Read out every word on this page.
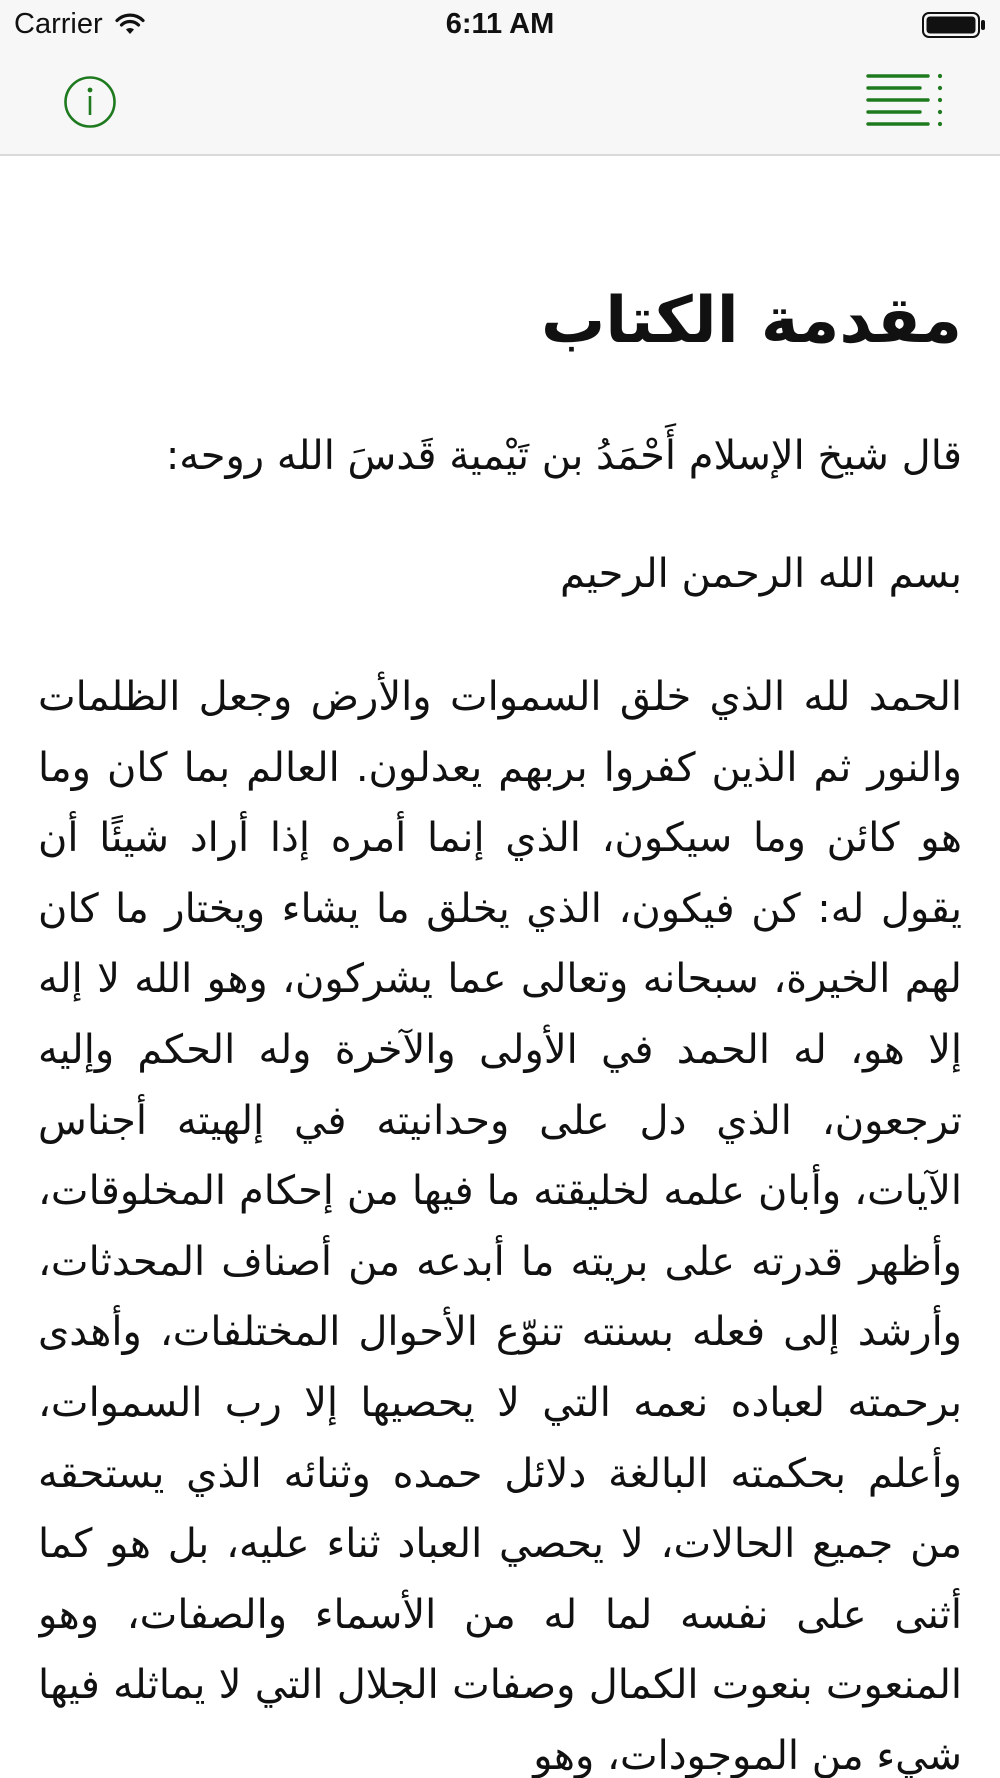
Carrier	6:11 AM
مقدمة الكتاب

قال شيخ الإسلام أَحْمَدُ بن تَيْمية قَدسَ الله روحه:

بسم الله الرحمن الرحيم

الحمد لله الذي خلق السموات والأرض وجعل الظلمات والنور ثم الذين كفروا بربهم يعدلون. العالم بما كان وما هو كائن وما سيكون، الذي إنما أمره إذا أراد شيئًا أن يقول له: كن فيكون، الذي يخلق ما يشاء ويختار ما كان لهم الخيرة، سبحانه وتعالى عما يشركون، وهو الله لا إله إلا هو، له الحمد في الأولى والآخرة وله الحكم وإليه ترجعون، الذي دل على وحدانيته في إلهيته أجناس الآيات، وأبان علمه لخليقته ما فيها من إحكام المخلوقات، وأظهر قدرته على بريته ما أبدعه من أصناف المحدثات، وأرشد إلى فعله بسنته تنوّع الأحوال المختلفات، وأهدى برحمته لعباده نعمه التي لا يحصيها إلا رب السموات، وأعلم بحكمته البالغة دلائل حمده وثنائه الذي يستحقه من جميع الحالات، لا يحصي العباد ثناء عليه، بل هو كما أثنى على نفسه لما له من الأسماء والصفات، وهو المنعوت بنعوت الكمال وصفات الجلال التي لا يماثله فيها شيء من الموجودات، وهو
